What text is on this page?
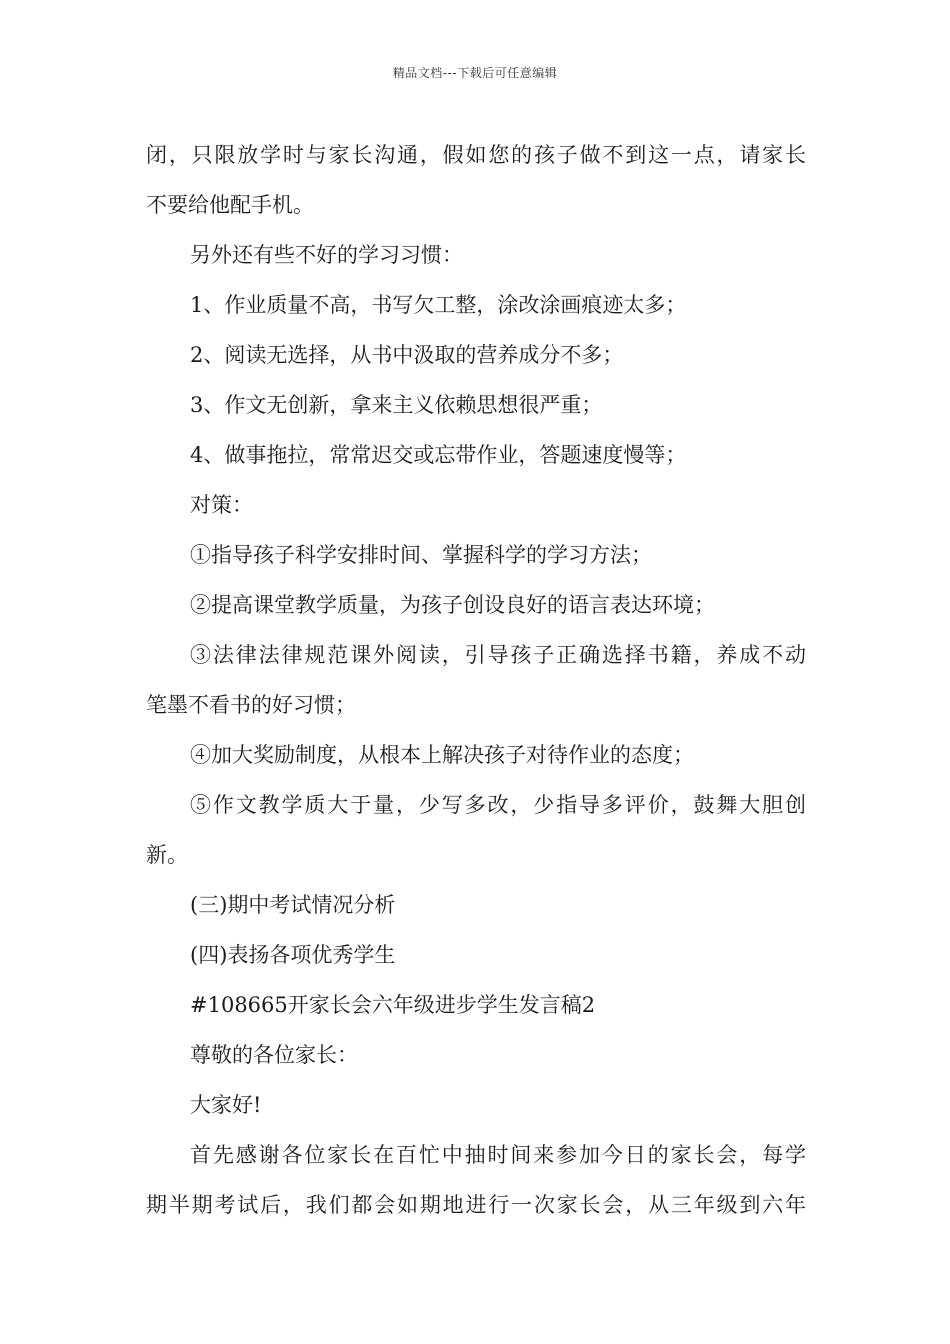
精品文档---下载后可任意编辑
闭，只限放学时与家长沟通，假如您的孩子做不到这一点，请家长
不要给他配手机。
另外还有些不好的学习习惯：
1、作业质量不高，书写欠工整，涂改涂画痕迹太多；
2、阅读无选择，从书中汲取的营养成分不多；
3、作文无创新，拿来主义依赖思想很严重；
4、做事拖拉，常常迟交或忘带作业，答题速度慢等；
对策：
①指导孩子科学安排时间、掌握科学的学习方法；
②提高课堂教学质量，为孩子创设良好的语言表达环境；
③法律法律规范课外阅读，引导孩子正确选择书籍，养成不动
笔墨不看书的好习惯；
④加大奖励制度，从根本上解决孩子对待作业的态度；
⑤作文教学质大于量，少写多改，少指导多评价，鼓舞大胆创
新。
(三)期中考试情况分析
(四)表扬各项优秀学生
#108665开家长会六年级进步学生发言稿2
尊敬的各位家长：
大家好!
首先感谢各位家长在百忙中抽时间来参加今日的家长会，每学
期半期考试后，我们都会如期地进行一次家长会，从三年级到六年
